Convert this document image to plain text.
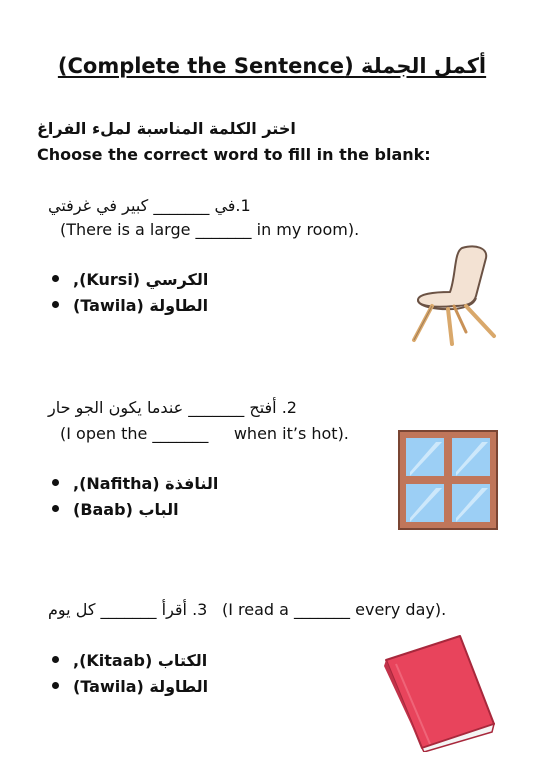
أكمل الجملة (Complete the Sentence)
اختر الكلمة المناسبة لملء الفراغ
Choose the correct word to fill in the blank:
1.في _______ كبير في غرفتي
(There is a large _______ in my room).
الكرسي (Kursi),
الطاولة (Tawila)
2. أفتح _______ عندما يكون الجو حار
(I open the _______     when it’s hot).
النافذة (Nafitha),
الباب (Baab)
3. أقرأ _______ كل يوم (I read a _______ every day).
الكتاب (Kitaab),
الطاولة (Tawila)
